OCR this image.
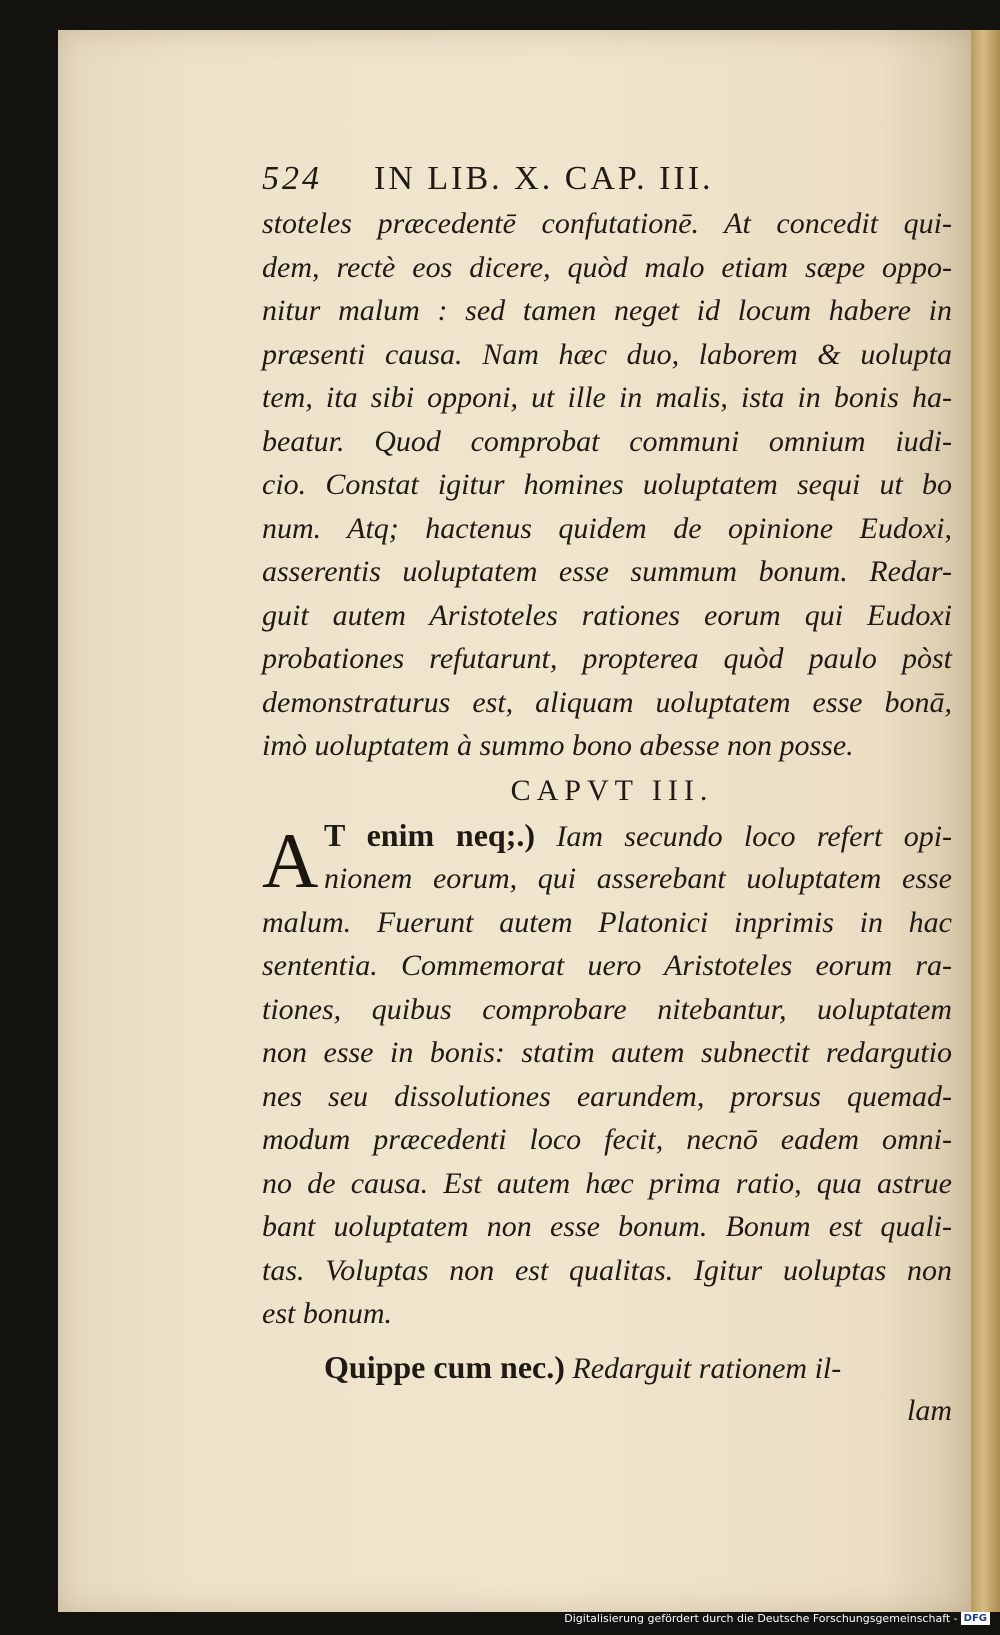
524 IN LIB. X. CAP. III.
stoteles præcedentē confutationē. At concedit qui-
dem, rectè eos dicere, quòd malo etiam sæpe oppo-
nitur malum : sed tamen neget id locum habere in
præsenti causa. Nam hæc duo, laborem & uolupta
tem, ita sibi opponi, ut ille in malis, ista in bonis ha-
beatur. Quod comprobat communi omnium iudi-
cio. Constat igitur homines uoluptatem sequi ut bo
num. Atq; hactenus quidem de opinione Eudoxi,
asserentis uoluptatem esse summum bonum. Redar-
guit autem Aristoteles rationes eorum qui Eudoxi
probationes refutarunt, propterea quòd paulo pòst
demonstraturus est, aliquam uoluptatem esse bonā,
imò uoluptatem à summo bono abesse non posse.
CAPVT III.
A T enim neq;.) Iam secundo loco refert opi-
nionem eorum, qui asserebant uoluptatem esse
malum. Fuerunt autem Platonici inprimis in hac
sententia. Commemorat uero Aristoteles eorum ra-
tiones, quibus comprobare nitebantur, uoluptatem
non esse in bonis: statim autem subnectit redargutio
nes seu dissolutiones earundem, prorsus quemad-
modum præcedenti loco fecit, necnō eadem omni-
no de causa. Est autem hæc prima ratio, qua astrue
bant uoluptatem non esse bonum. Bonum est quali-
tas. Voluptas non est qualitas. Igitur uoluptas non
est bonum.
Quippe cum nec.) Redarguit rationem il-
lam
Digitalisierung gefördert durch die Deutsche Forschungsgemeinschaft - DFG
